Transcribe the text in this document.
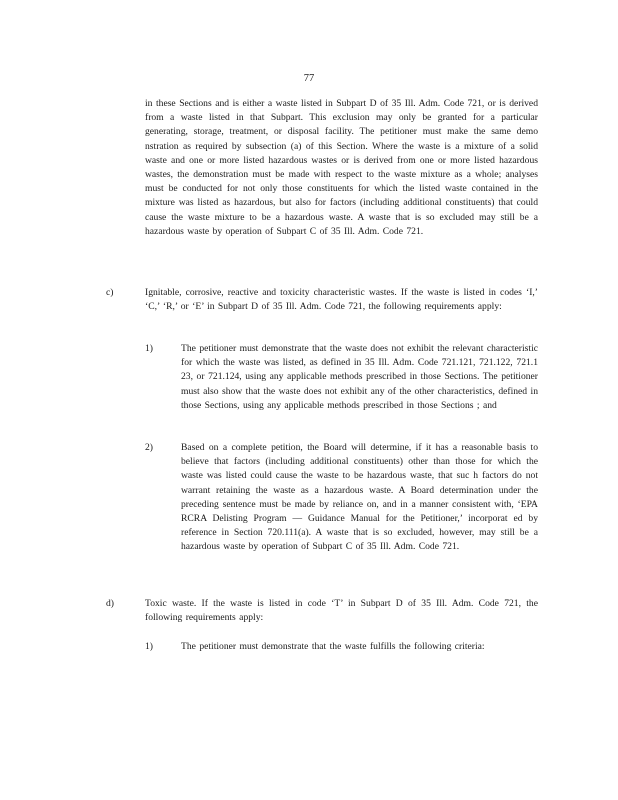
77

in these Sections and is either a waste listed in Subpart D of 35 Ill. Adm. Code 721, or is derived from a waste listed in that Subpart. This exclusion may only be granted for a particular generating, storage, treatment, or disposal facility. The petitioner must make the same demo nstration as required by subsection (a) of this Section. Where the waste is a mixture of a solid waste and one or more listed hazardous wastes or is derived from one or more listed hazardous wastes, the demonstration must be made with respect to the waste mixture as a whole; analyses must be conducted for not only those constituents for which the listed waste contained in the mixture was listed as hazardous, but also for factors (including additional constituents) that could cause the waste mixture to be a hazardous waste. A waste that is so excluded may still be a hazardous waste by operation of Subpart C of 35 Ill. Adm. Code 721.

c)	Ignitable, corrosive, reactive and toxicity characteristic wastes. If the waste is listed in codes ‘I,’ ‘C,’ ‘R,’ or ‘E’ in Subpart D of 35 Ill. Adm. Code 721, the following requirements apply:

1)	The petitioner must demonstrate that the waste does not exhibit the relevant characteristic for which the waste was listed, as defined in 35 Ill. Adm. Code 721.121, 721.122, 721.1 23, or 721.124, using any applicable methods prescribed in those Sections. The petitioner must also show that the waste does not exhibit any of the other characteristics, defined in those Sections, using any applicable methods prescribed in those Sections ; and

2)	Based on a complete petition, the Board will determine, if it has a reasonable basis to believe that factors (including additional constituents) other than those for which the waste was listed could cause the waste to be hazardous waste, that suc h factors do not warrant retaining the waste as a hazardous waste. A Board determination under the preceding sentence must be made by reliance on, and in a manner consistent with, ‘EPA RCRA Delisting Program — Guidance Manual for the Petitioner,’ incorporat ed by reference in Section 720.111(a). A waste that is so excluded, however, may still be a hazardous waste by operation of Subpart C of 35 Ill. Adm. Code 721.

d)	Toxic waste. If the waste is listed in code ‘T’ in Subpart D of 35 Ill. Adm. Code 721, the following requirements apply:

1)	The petitioner must demonstrate that the waste fulfills the following criteria:
